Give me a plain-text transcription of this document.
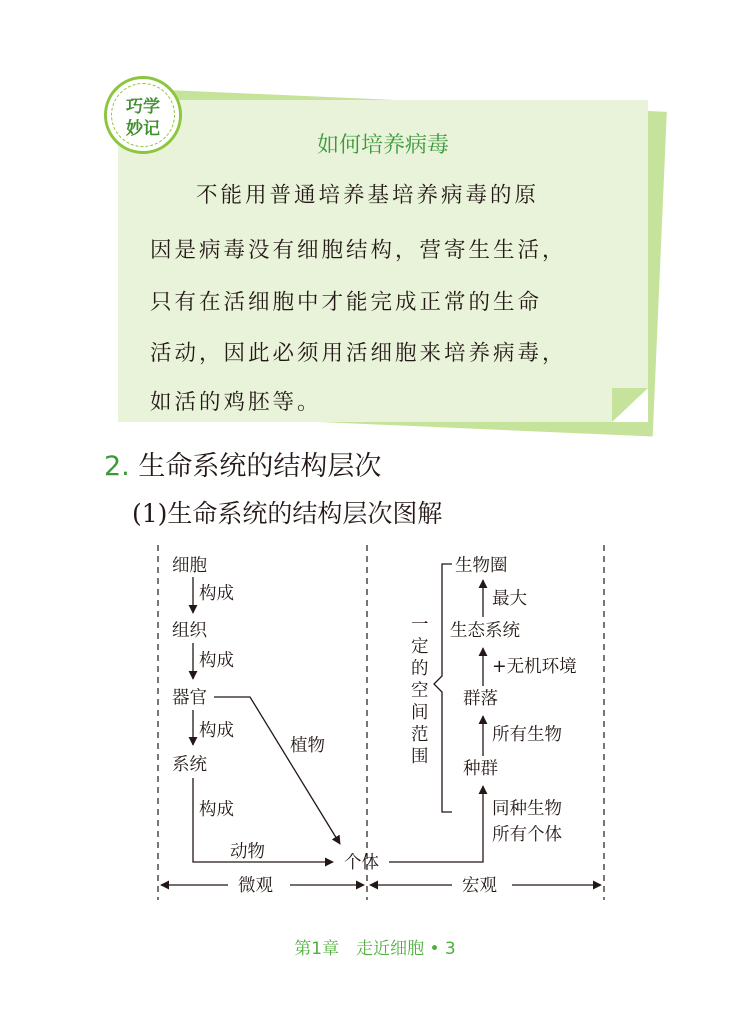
巧学
妙记
如何培养病毒
不能用普通培养基培养病毒的原
因是病毒没有细胞结构，营寄生生活，
只有在活细胞中才能完成正常的生命
活动，因此必须用活细胞来培养病毒，
如活的鸡胚等。
2. 生命系统的结构层次
(1)生命系统的结构层次图解
细胞
构成
组织
构成
器官
构成
系统
构成
动物
植物
个体
同种生物
所有个体
种群
所有生物
群落
+无机环境
生态系统
最大
生物圈
一
定
的
空
间
范
围
微观	宏观
第1章　走近细胞 • 3
